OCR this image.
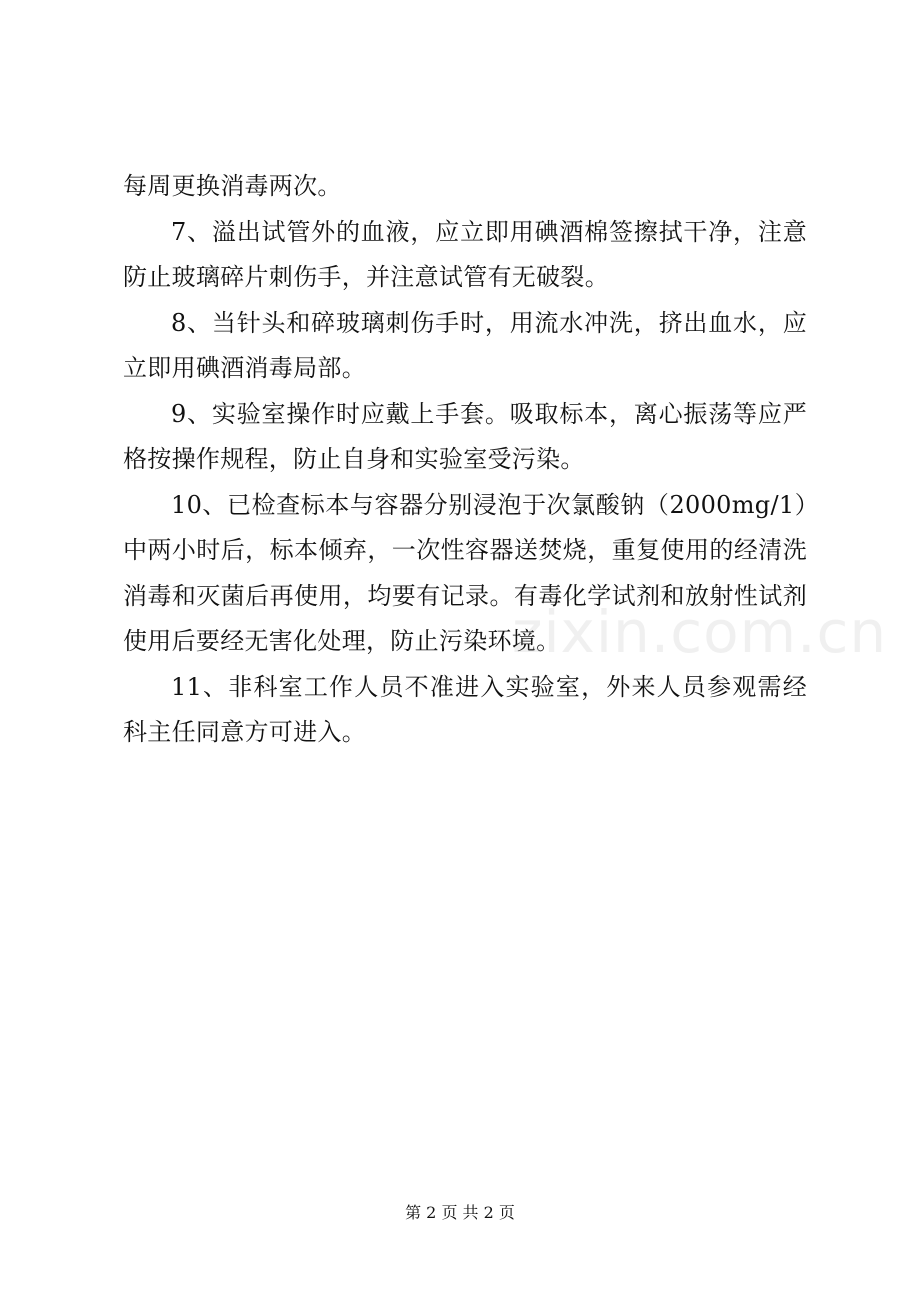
每周更换消毒两次。

7、溢出试管外的血液，应立即用碘酒棉签擦拭干净，注意防止玻璃碎片刺伤手，并注意试管有无破裂。

8、当针头和碎玻璃刺伤手时，用流水冲洗，挤出血水，应立即用碘酒消毒局部。

9、实验室操作时应戴上手套。吸取标本，离心振荡等应严格按操作规程，防止自身和实验室受污染。

10、已检查标本与容器分别浸泡于次氯酸钠（2000mg/1）中两小时后，标本倾弃，一次性容器送焚烧，重复使用的经清洗消毒和灭菌后再使用，均要有记录。有毒化学试剂和放射性试剂使用后要经无害化处理，防止污染环境。

11、非科室工作人员不准进入实验室，外来人员参观需经科主任同意方可进入。

zixin.com.cn
第 2 页 共 2 页
